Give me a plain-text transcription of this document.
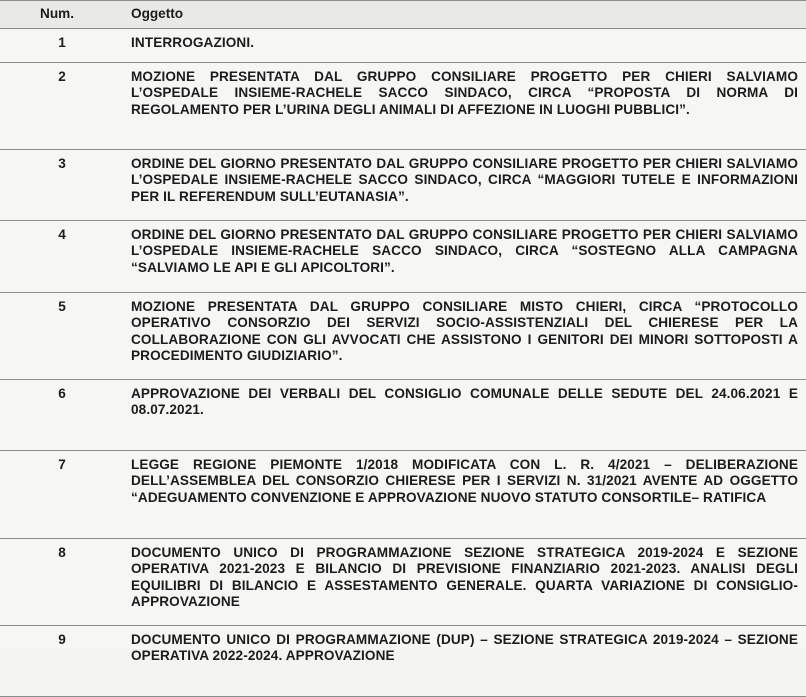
Num.	Oggetto
1	INTERROGAZIONI.
2	MOZIONE PRESENTATA DAL GRUPPO CONSILIARE PROGETTO PER CHIERI SALVIAMO L’OSPEDALE INSIEME-RACHELE SACCO SINDACO, CIRCA “PROPOSTA DI NORMA DI REGOLAMENTO PER L’URINA DEGLI ANIMALI DI AFFEZIONE IN LUOGHI PUBBLICI”.
3	ORDINE DEL GIORNO PRESENTATO DAL GRUPPO CONSILIARE PROGETTO PER CHIERI SALVIAMO L’OSPEDALE INSIEME-RACHELE SACCO SINDACO, CIRCA “MAGGIORI TUTELE E INFORMAZIONI PER IL REFERENDUM SULL’EUTANASIA”.
4	ORDINE DEL GIORNO PRESENTATO DAL GRUPPO CONSILIARE PROGETTO PER CHIERI SALVIAMO L’OSPEDALE INSIEME-RACHELE SACCO SINDACO, CIRCA “SOSTEGNO ALLA CAMPAGNA “SALVIAMO LE API E GLI APICOLTORI”.
5	MOZIONE PRESENTATA DAL GRUPPO CONSILIARE MISTO CHIERI, CIRCA “PROTOCOLLO OPERATIVO CONSORZIO DEI SERVIZI SOCIO-ASSISTENZIALI DEL CHIERESE PER LA COLLABORAZIONE CON GLI AVVOCATI CHE ASSISTONO I GENITORI DEI MINORI SOTTOPOSTI A PROCEDIMENTO GIUDIZIARIO”.
6	APPROVAZIONE DEI VERBALI DEL CONSIGLIO COMUNALE DELLE SEDUTE DEL 24.06.2021 E 08.07.2021.
7	LEGGE REGIONE PIEMONTE 1/2018 MODIFICATA CON L. R. 4/2021 – DELIBERAZIONE DELL’ASSEMBLEA DEL CONSORZIO CHIERESE PER I SERVIZI N. 31/2021 AVENTE AD OGGETTO “ADEGUAMENTO CONVENZIONE E APPROVAZIONE NUOVO STATUTO CONSORTILE– RATIFICA
8	DOCUMENTO UNICO DI PROGRAMMAZIONE SEZIONE STRATEGICA 2019-2024 E SEZIONE OPERATIVA 2021-2023 E BILANCIO DI PREVISIONE FINANZIARIO 2021-2023. ANALISI DEGLI EQUILIBRI DI BILANCIO E ASSESTAMENTO GENERALE. QUARTA VARIAZIONE DI CONSIGLIO- APPROVAZIONE
9	DOCUMENTO UNICO DI PROGRAMMAZIONE (DUP) – SEZIONE STRATEGICA 2019-2024 – SEZIONE OPERATIVA 2022-2024. APPROVAZIONE
